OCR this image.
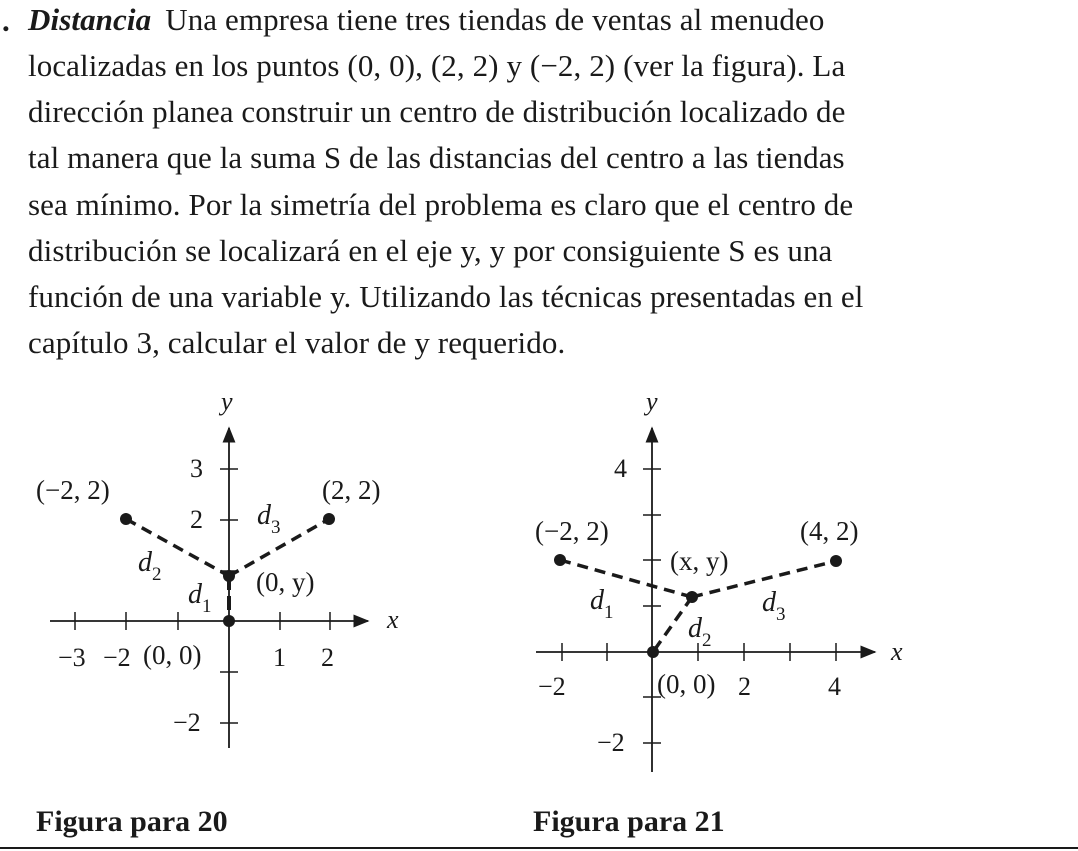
. Distancia Una empresa tiene tres tiendas de ventas al menudeo
localizadas en los puntos (0, 0), (2, 2) y (−2, 2) (ver la figura). La
dirección planea construir un centro de distribución localizado de
tal manera que la suma S de las distancias del centro a las tiendas
sea mínimo. Por la simetría del problema es claro que el centro de
distribución se localizará en el eje y, y por consiguiente S es una
función de una variable y. Utilizando las técnicas presentadas en el
capítulo 3, calcular el valor de y requerido.
x
y
−3 −2	1 2
3
2
−2
(0, 0)
(−2, 2)	(2, 2)
(0, y)
$d_3$
$d_2$
$d_1$
x
y
−2	2	4
4
−2
(0, 0)
(−2, 2)	(4, 2)
(x, y)
$d_1$
$d_2$
$d_3$
Figura para 20	Figura para 21
